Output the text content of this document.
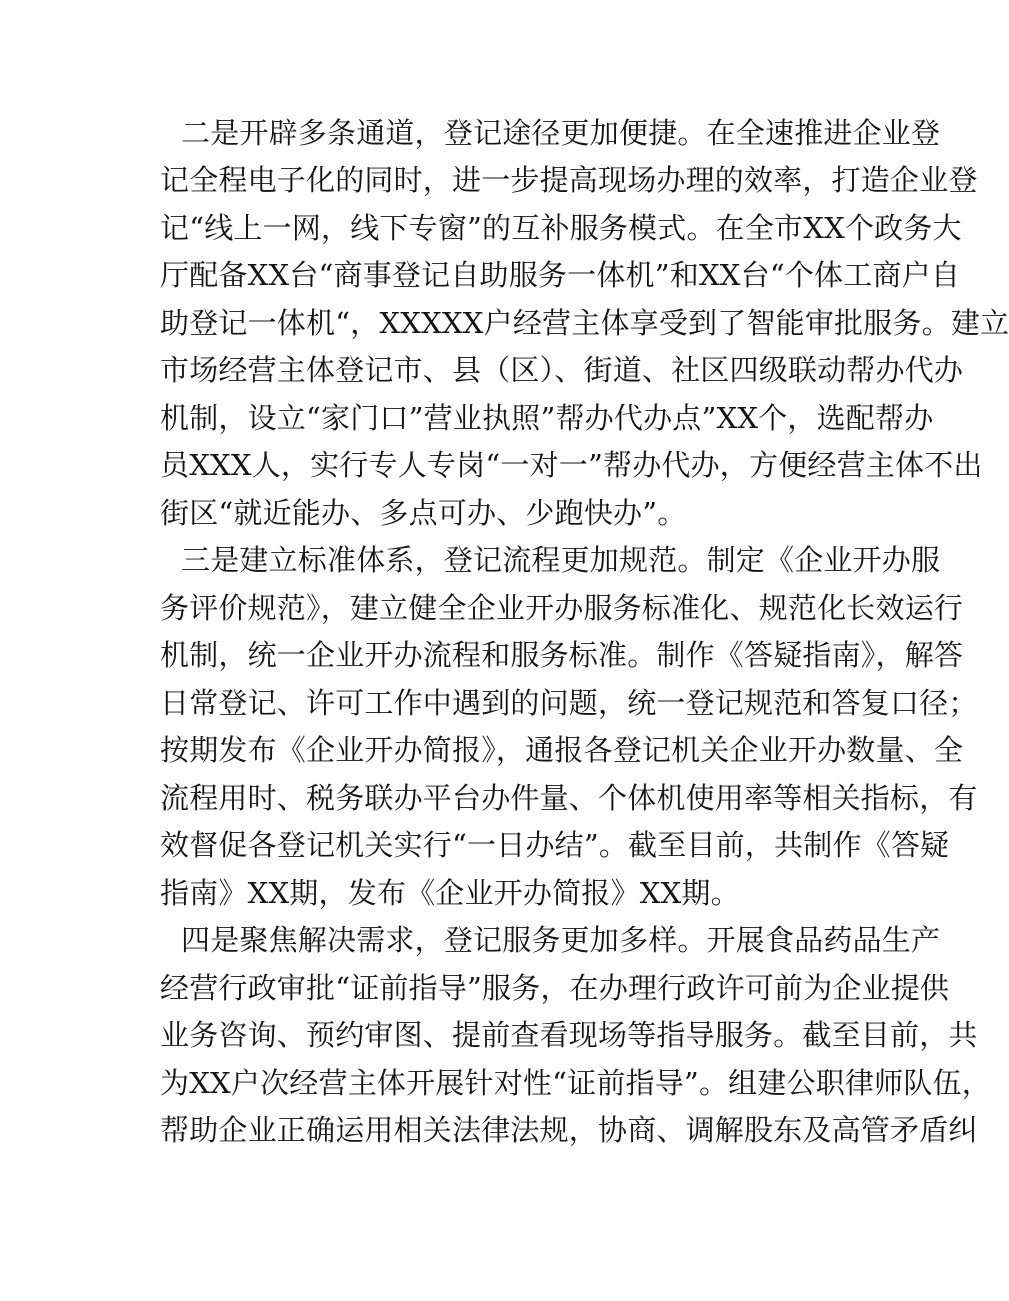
二是开辟多条通道，登记途径更加便捷。在全速推进企业登
记全程电子化的同时，进一步提高现场办理的效率，打造企业登
记“线上一网，线下专窗”的互补服务模式。在全市XX个政务大
厅配备XX台“商事登记自助服务一体机”和XX台“个体工商户自
助登记一体机“，XXXXX户经营主体享受到了智能审批服务。建立
市场经营主体登记市、县（区）、街道、社区四级联动帮办代办
机制，设立“家门口”营业执照”帮办代办点”XX个，选配帮办
员XXX人，实行专人专岗“一对一”帮办代办，方便经营主体不出
街区“就近能办、多点可办、少跑快办”。
三是建立标准体系，登记流程更加规范。制定《企业开办服
务评价规范》，建立健全企业开办服务标准化、规范化长效运行
机制，统一企业开办流程和服务标准。制作《答疑指南》，解答
日常登记、许可工作中遇到的问题，统一登记规范和答复口径；
按期发布《企业开办简报》，通报各登记机关企业开办数量、全
流程用时、税务联办平台办件量、个体机使用率等相关指标，有
效督促各登记机关实行“一日办结”。截至目前，共制作《答疑
指南》XX期，发布《企业开办简报》XX期。
四是聚焦解决需求，登记服务更加多样。开展食品药品生产
经营行政审批“证前指导”服务，在办理行政许可前为企业提供
业务咨询、预约审图、提前查看现场等指导服务。截至目前，共
为XX户次经营主体开展针对性“证前指导”。组建公职律师队伍，
帮助企业正确运用相关法律法规，协商、调解股东及高管矛盾纠
